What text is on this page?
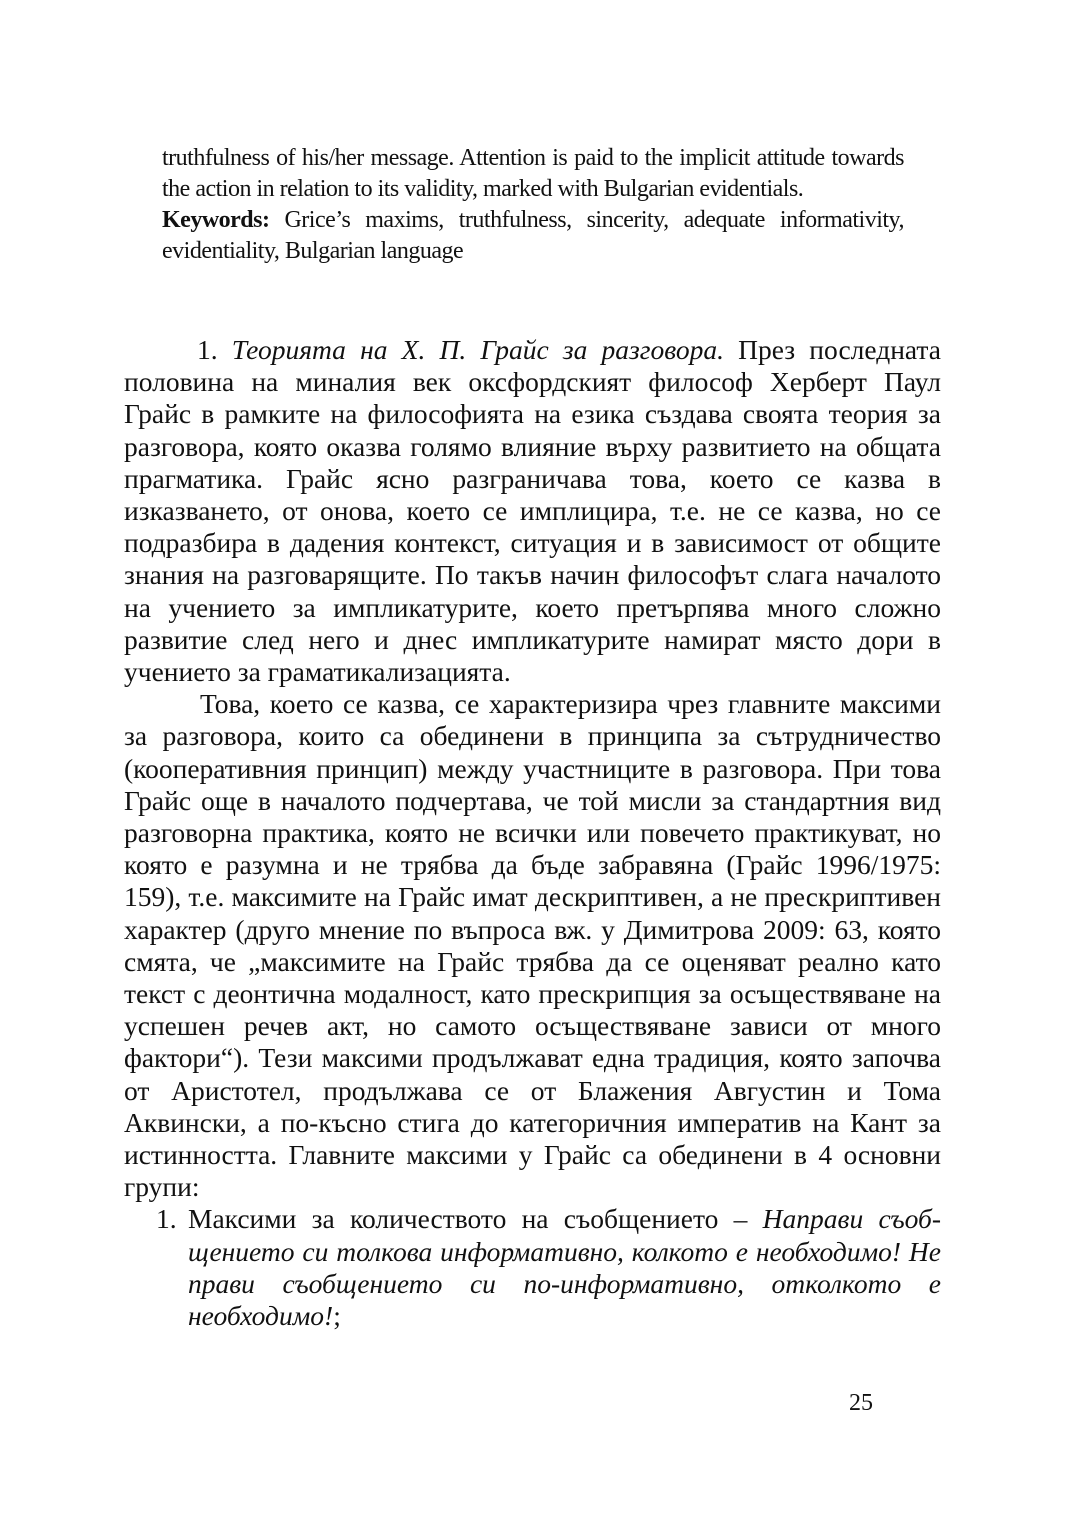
truthfulness of his/her message. Attention is paid to the implicit attitude towards the action in relation to its validity, marked with Bulgarian evidentials.

Keywords: Grice’s maxims, truthfulness, sincerity, adequate informativity, evidentiality, Bulgarian language

1. Теорията на Х. П. Грайс за разговора. През последната половина на миналия век оксфордският философ Херберт Паул Грайс в рамките на философията на езика създава своята теория за разговора, която оказва голямо влияние върху развитието на общата прагматика. Грайс ясно разграничава това, което се казва в изказването, от онова, което се имплицира, т.е. не се казва, но се подразбира в дадения контекст, ситуация и в зависимост от общите знания на разговарящите. По такъв начин философът слага началото на учението за импликатурите, което претърпява много сложно развитие след него и днес импликатурите намират място дори в учението за граматикализацията.

Това, което се казва, се характеризира чрез главните максими за разговора, които са обединени в принципа за сътрудничество (кооперативния принцип) между участниците в разговора. При това Грайс още в началото подчертава, че той мисли за стандартния вид разговорна практика, която не всички или повечето практикуват, но която е разумна и не трябва да бъде забравяна (Грайс 1996/1975: 159), т.е. максимите на Грайс имат дескриптивен, а не прескриптивен характер (друго мнение по въпроса вж. у Димитрова 2009: 63, която смята, че „максимите на Грайс трябва да се оценяват реално като текст с деонтична модалност, като прескрипция за осъществяване на успешен речев акт, но самото осъществяване зависи от много фактори“). Тези максими продължават една традиция, която започва от Аристотел, продължава се от Блажения Августин и Тома Аквински, а по-късно стига до категоричния императив на Кант за истинността. Главните максими у Грайс са обединени в 4 основни групи:

1. Максими за количеството на съобщението – Направи съоб-щението си толкова информативно, колкото е необходимо! Не прави съобщението си по-информативно, отколкото е необходимо!;
25
